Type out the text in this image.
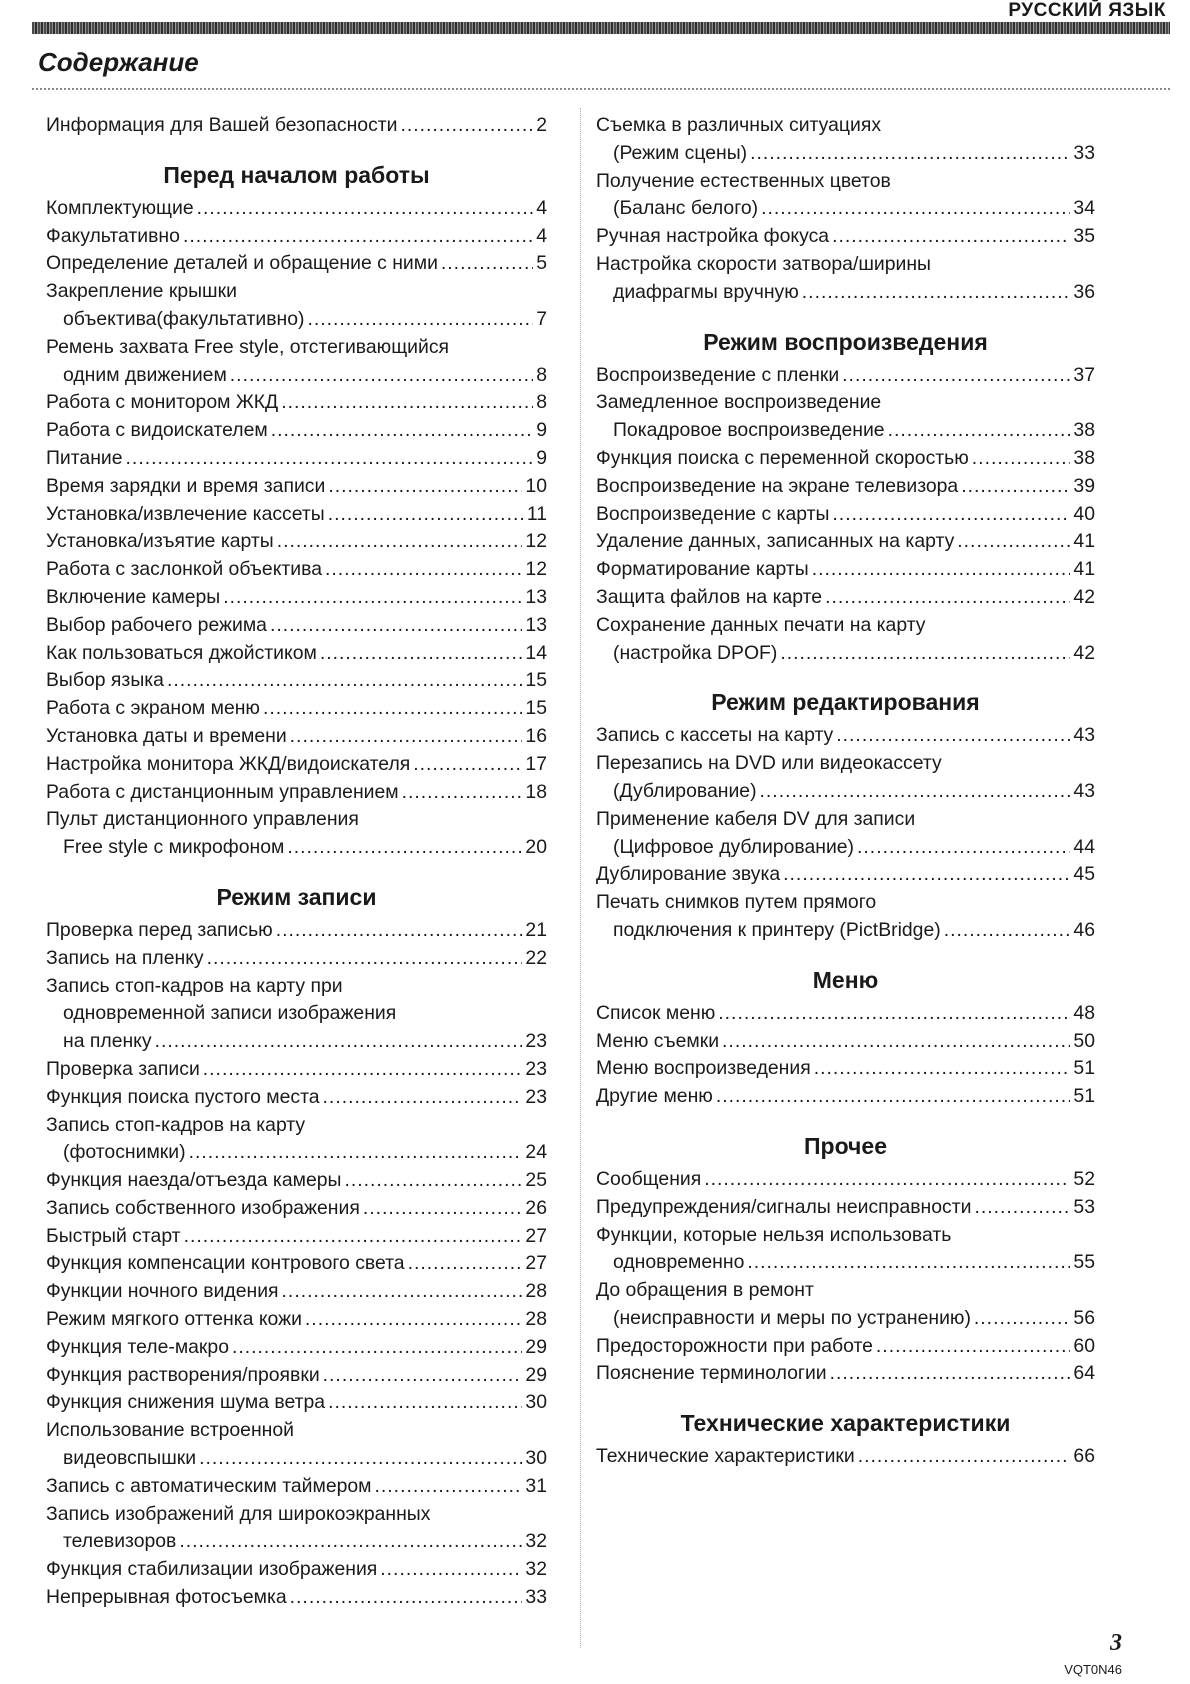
РУССКИЙ ЯЗЫК
Содержание
Информация для Вашей безопасности .....	2
Перед началом работы
Комплектующие .....	4
Факультативно .....	4
Определение деталей и обращение с ними .....	5
Закрепление крышки
объектива(факультативно) .....	7
Ремень захвата Free style, отстегивающийся
одним движением .....	8
Работа с монитором ЖКД .....	8
Работа с видоискателем .....	9
Питание .....	9
Время зарядки и время записи .....	10
Установка/извлечение кассеты .....	11
Установка/изъятие карты .....	12
Работа с заслонкой объектива .....	12
Включение камеры .....	13
Выбор рабочего режима .....	13
Как пользоваться джойстиком .....	14
Выбор языка .....	15
Работа с экраном меню .....	15
Установка даты и времени .....	16
Настройка монитора ЖКД/видоискателя .....	17
Работа с дистанционным управлением .....	18
Пульт дистанционного управления
Free style с микрофоном .....	20
Режим записи
Проверка перед записью .....	21
Запись на пленку .....	22
Запись стоп-кадров на карту при
одновременной записи изображения
на пленку .....	23
Проверка записи .....	23
Функция поиска пустого места .....	23
Запись стоп-кадров на карту
(фотоснимки) .....	24
Функция наезда/отъезда камеры .....	25
Запись собственного изображения .....	26
Быстрый старт .....	27
Функция компенсации контрового света .....	27
Функции ночного видения .....	28
Режим мягкого оттенка кожи .....	28
Функция теле-макро .....	29
Функция растворения/проявки .....	29
Функция снижения шума ветра .....	30
Использование встроенной
видеовспышки .....	30
Запись с автоматическим таймером .....	31
Запись изображений для широкоэкранных
телевизоров .....	32
Функция стабилизации изображения .....	32
Непрерывная фотосъемка .....	33
Съемка в различных ситуациях
(Режим сцены) .....	33
Получение естественных цветов
(Баланс белого) .....	34
Ручная настройка фокуса .....	35
Настройка скорости затвора/ширины
диафрагмы вручную .....	36
Режим воспроизведения
Воспроизведение с пленки .....	37
Замедленное воспроизведение
Покадровое воспроизведение .....	38
Функция поиска с переменной скоростью .....	38
Воспроизведение на экране телевизора .....	39
Воспроизведение с карты .....	40
Удаление данных, записанных на карту .....	41
Форматирование карты .....	41
Защита файлов на карте .....	42
Сохранение данных печати на карту
(настройка DPOF) .....	42
Режим редактирования
Запись с кассеты на карту .....	43
Перезапись на DVD или видеокассету
(Дублирование) .....	43
Применение кабеля DV для записи
(Цифровое дублирование) .....	44
Дублирование звука .....	45
Печать снимков путем прямого
подключения к принтеру (PictBridge) .....	46
Меню
Список меню .....	48
Меню съемки .....	50
Меню воспроизведения .....	51
Другие меню .....	51
Прочее
Сообщения .....	52
Предупреждения/сигналы неисправности .....	53
Функции, которые нельзя использовать
одновременно .....	55
До обращения в ремонт
(неисправности и меры по устранению) .....	56
Предосторожности при работе .....	60
Пояснение терминологии .....	64
Технические характеристики
Технические характеристики .....	66
3
VQT0N46
